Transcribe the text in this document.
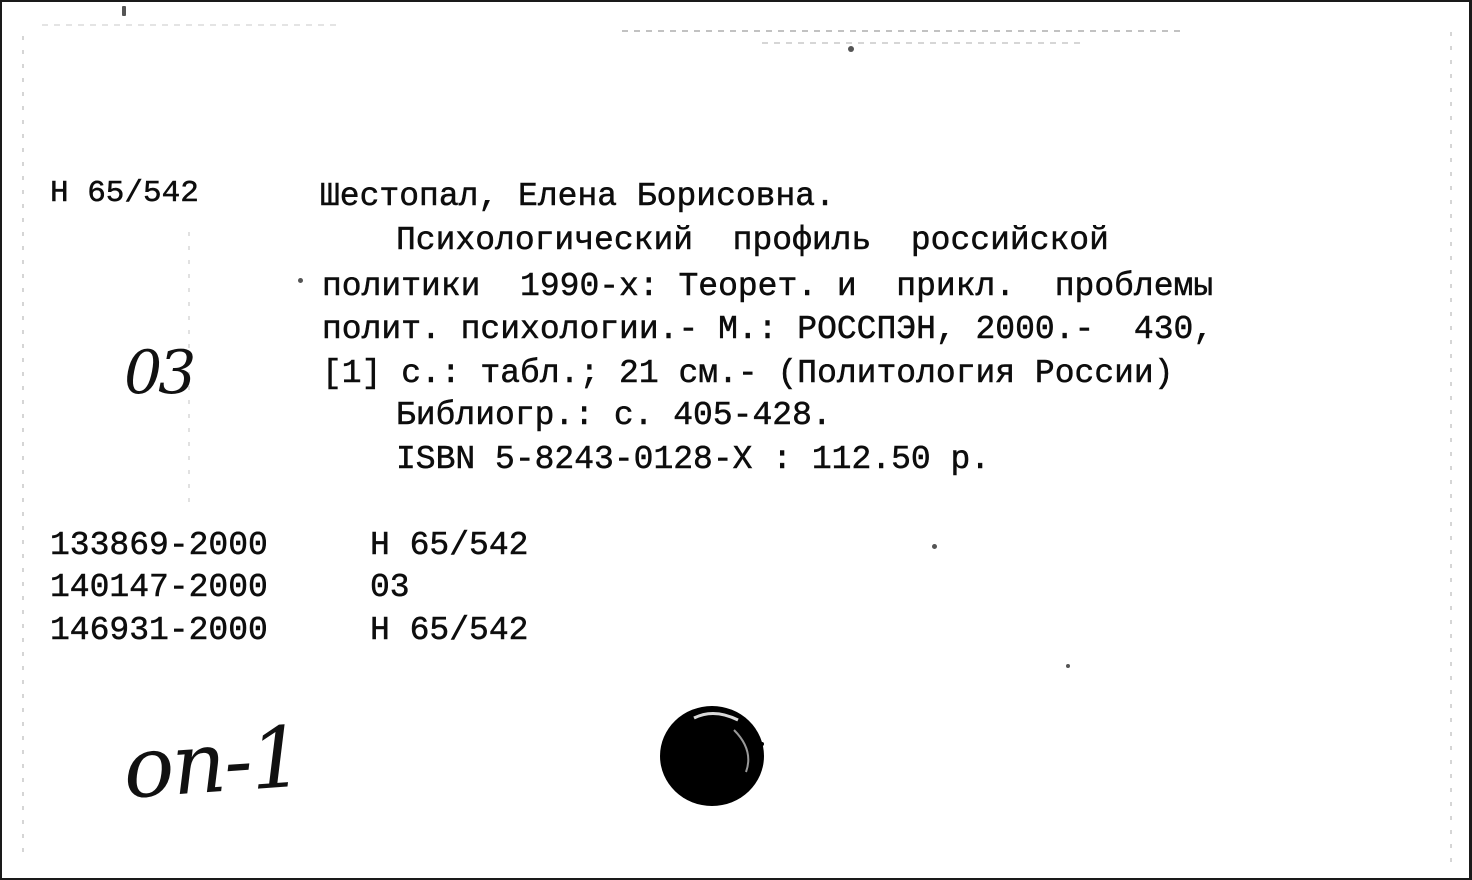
Н 65/542	Шестопал, Елена Борисовна.
Психологический  профиль  российской
политики  1990-х: Теорет. и  прикл.  проблемы
полит. психологии.- М.: РОССПЭН, 2000.-  430,
[1] с.: табл.; 21 см.- (Политология России)
Библиогр.: с. 405-428.
ISBN 5-8243-0128-X : 112.50 р.
03
133869-2000	Н 65/542
140147-2000	03
146931-2000	Н 65/542
оп-1
